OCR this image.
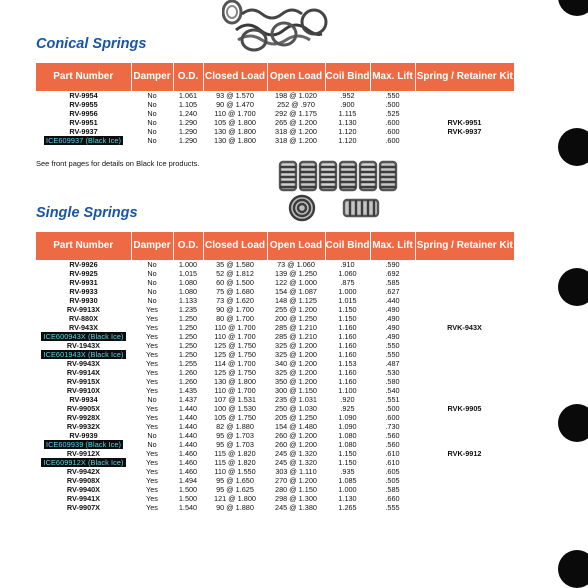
Conical Springs
Part Number	Damper	O.D.	Closed Load	Open Load	Coil Bind	Max. Lift	Spring / Retainer Kit
RV-9954	No	1.061	93 @ 1.570	198 @ 1.020	.952	.550	
RV-9955	No	1.105	90 @ 1.470	252 @ .970	.900	.500	
RV-9956	No	1.240	110 @ 1.700	292 @ 1.175	1.115	.525	
RV-9951	No	1.290	105 @ 1.800	265 @ 1.200	1.130	.600	RVK-9951
RV-9937	No	1.290	130 @ 1.800	318 @ 1.200	1.120	.600	RVK-9937
ICE609937 (Black Ice)	No	1.290	130 @ 1.800	318 @ 1.200	1.120	.600	
See front pages for details on Black Ice products.
Single Springs
Part Number	Damper	O.D.	Closed Load	Open Load	Coil Bind	Max. Lift	Spring / Retainer Kit
RV-9926	No	1.000	35 @ 1.580	73 @ 1.060	.910	.590	
RV-9925	No	1.015	52 @ 1.812	139 @ 1.250	1.060	.692	
RV-9931	No	1.080	60 @ 1.500	122 @ 1.000	.875	.585	
RV-9933	No	1.080	75 @ 1.680	154 @ 1.087	1.000	.627	
RV-9930	No	1.133	73 @ 1.620	148 @ 1.125	1.015	.440	
RV-9913X	Yes	1.235	90 @ 1.700	255 @ 1.200	1.150	.490	
RV-880X	Yes	1.250	80 @ 1.700	200 @ 1.250	1.150	.490	
RV-943X	Yes	1.250	110 @ 1.700	285 @ 1.210	1.160	.490	RVK-943X
ICE600943X (Black Ice)	Yes	1.250	110 @ 1.700	285 @ 1.210	1.160	.490	
RV-1943X	Yes	1.250	125 @ 1.750	325 @ 1.200	1.160	.550	
ICE601943X (Black Ice)	Yes	1.250	125 @ 1.750	325 @ 1.200	1.160	.550	
RV-9943X	Yes	1.255	114 @ 1.700	340 @ 1.200	1.153	.487	
RV-9914X	Yes	1.260	125 @ 1.750	325 @ 1.200	1.160	.530	
RV-9915X	Yes	1.260	130 @ 1.800	350 @ 1.200	1.160	.580	
RV-9910X	Yes	1.435	110 @ 1.700	300 @ 1.150	1.100	.540	
RV-9934	No	1.437	107 @ 1.531	235 @ 1.031	.920	.551	
RV-9905X	Yes	1.440	100 @ 1.530	250 @ 1.030	.925	.500	RVK-9905
RV-9928X	Yes	1.440	105 @ 1.750	205 @ 1.250	1.090	.600	
RV-9932X	Yes	1.440	82 @ 1.880	154 @ 1.480	1.090	.730	
RV-9939	No	1.440	95 @ 1.703	260 @ 1.200	1.080	.560	
ICE609939 (Black Ice)	No	1.440	95 @ 1.703	260 @ 1.200	1.080	.560	
RV-9912X	Yes	1.460	115 @ 1.820	245 @ 1.320	1.150	.610	RVK-9912
ICE609912X (Black Ice)	Yes	1.460	115 @ 1.820	245 @ 1.320	1.150	.610	
RV-9942X	Yes	1.460	110 @ 1.550	303 @ 1.110	.935	.605	
RV-9908X	Yes	1.494	95 @ 1.650	270 @ 1.200	1.085	.505	
RV-9940X	Yes	1.500	95 @ 1.625	280 @ 1.150	1.000	.585	
RV-9941X	Yes	1.500	121 @ 1.800	298 @ 1.300	1.130	.660	
RV-9907X	Yes	1.540	90 @ 1.880	245 @ 1.380	1.265	.555	
